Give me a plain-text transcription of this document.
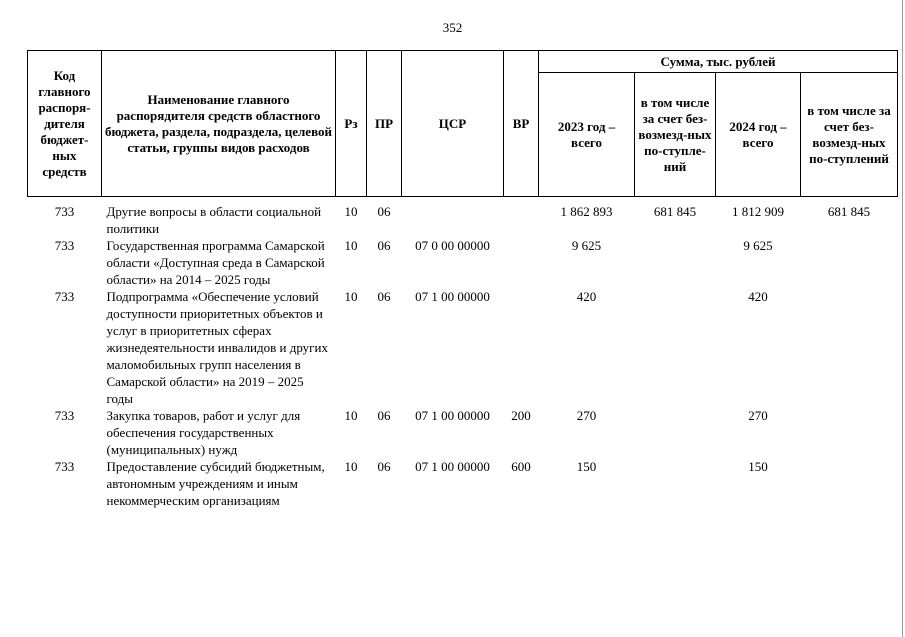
352
Код главного распоря-дителя бюджет-ных средств	Наименование главного распорядителя средств областного бюджета, раздела, подраздела, целевой статьи, группы видов расходов	Рз	ПР	ЦСР	ВР	Сумма, тыс. рублей			
						2023 год – всего	в том числе за счет без-возмезд-ных по-ступле-ний	2024 год – всего	в том числе за счет без-возмезд-ных по-ступлений

733	Другие вопросы в области социальной политики	10	06			1 862 893	681 845	1 812 909	681 845
733	Государственная программа Самарской области «Доступная среда в Самарской области» на 2014 – 2025 годы	10	06	07 0 00 00000		9 625		9 625	
733	Подпрограмма «Обеспечение условий доступности приоритетных объектов и услуг в приоритетных сферах жизнедеятельности инвалидов и других маломобильных групп населения в Самарской области» на 2019 – 2025 годы	10	06	07 1 00 00000		420		420	
733	Закупка товаров, работ и услуг для обеспечения государственных (муниципальных) нужд	10	06	07 1 00 00000	200	270		270	
733	Предоставление субсидий бюджетным, автономным учреждениям и иным некоммерческим организациям	10	06	07 1 00 00000	600	150		150	
